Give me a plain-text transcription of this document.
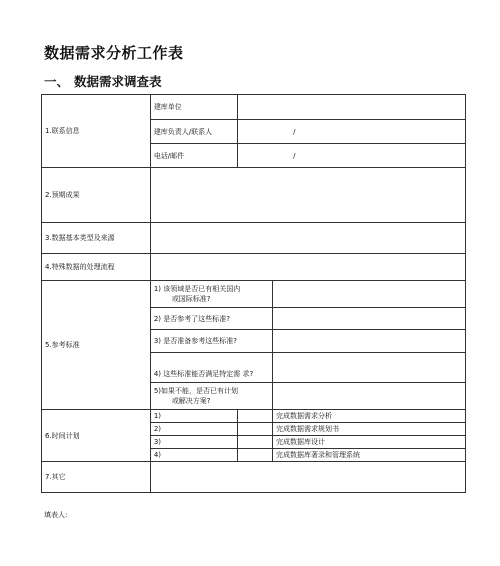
数据需求分析工作表
一、 数据需求调查表
1.联系信息	建库单位		
	建库负责人/联系人	/	
	电话/邮件	/	
2.预期成果			
3.数据基本类型及来源			
4.特殊数据的处理流程			
5.参考标准	1) 该领域是否已有相关国内
或国际标准?		

	2) 是否参考了这些标准?		
	3) 是否准备参考这些标准?		
	4) 这些标准能否满足特定需 求?		

	5)如果不能，是否已有计划
或解决方案?		

6.时间计划	1)		完成数据需求分析
	2)		完成数据需求规划书
	3)		完成数据库设计
	4)		完成数据库著录和管理系统
7.其它			
填表人:
